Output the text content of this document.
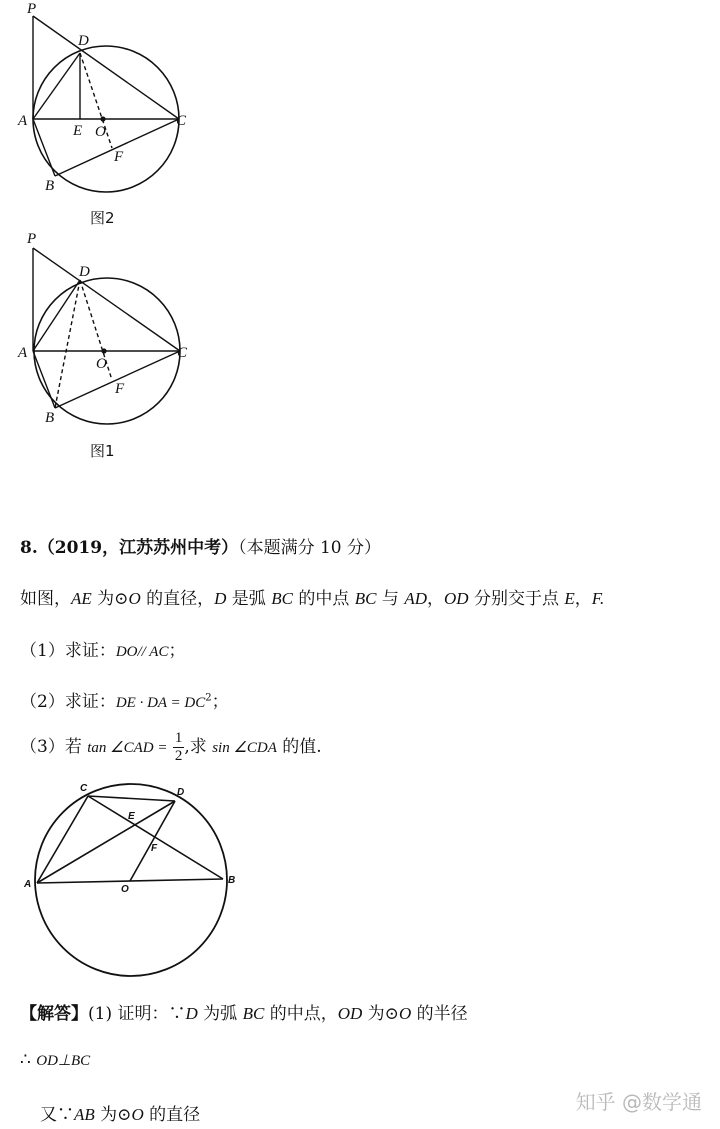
P
D
A
E O
C
F
B
图2
P
D
A
O
C
F
B
图1
8.（2019，江苏苏州中考）（本题满分 10 分）
如图，AE 为⊙O 的直径，D 是弧 BC 的中点 BC 与 AD，OD 分别交于点 E，F.
（1）求证：DO// AC；
（2）求证：DE · DA = $DC^2$；
（3）若 tan ∠CAD = $\frac{1}{2}$ ,求 sin ∠CDA 的值.
C	D
E
F
A	O
B
【解答】(1) 证明：∵D 为弧 BC 的中点，OD 为⊙O 的半径
∴ OD⊥BC
又∵AB 为⊙O 的直径
知乎 @数学通
